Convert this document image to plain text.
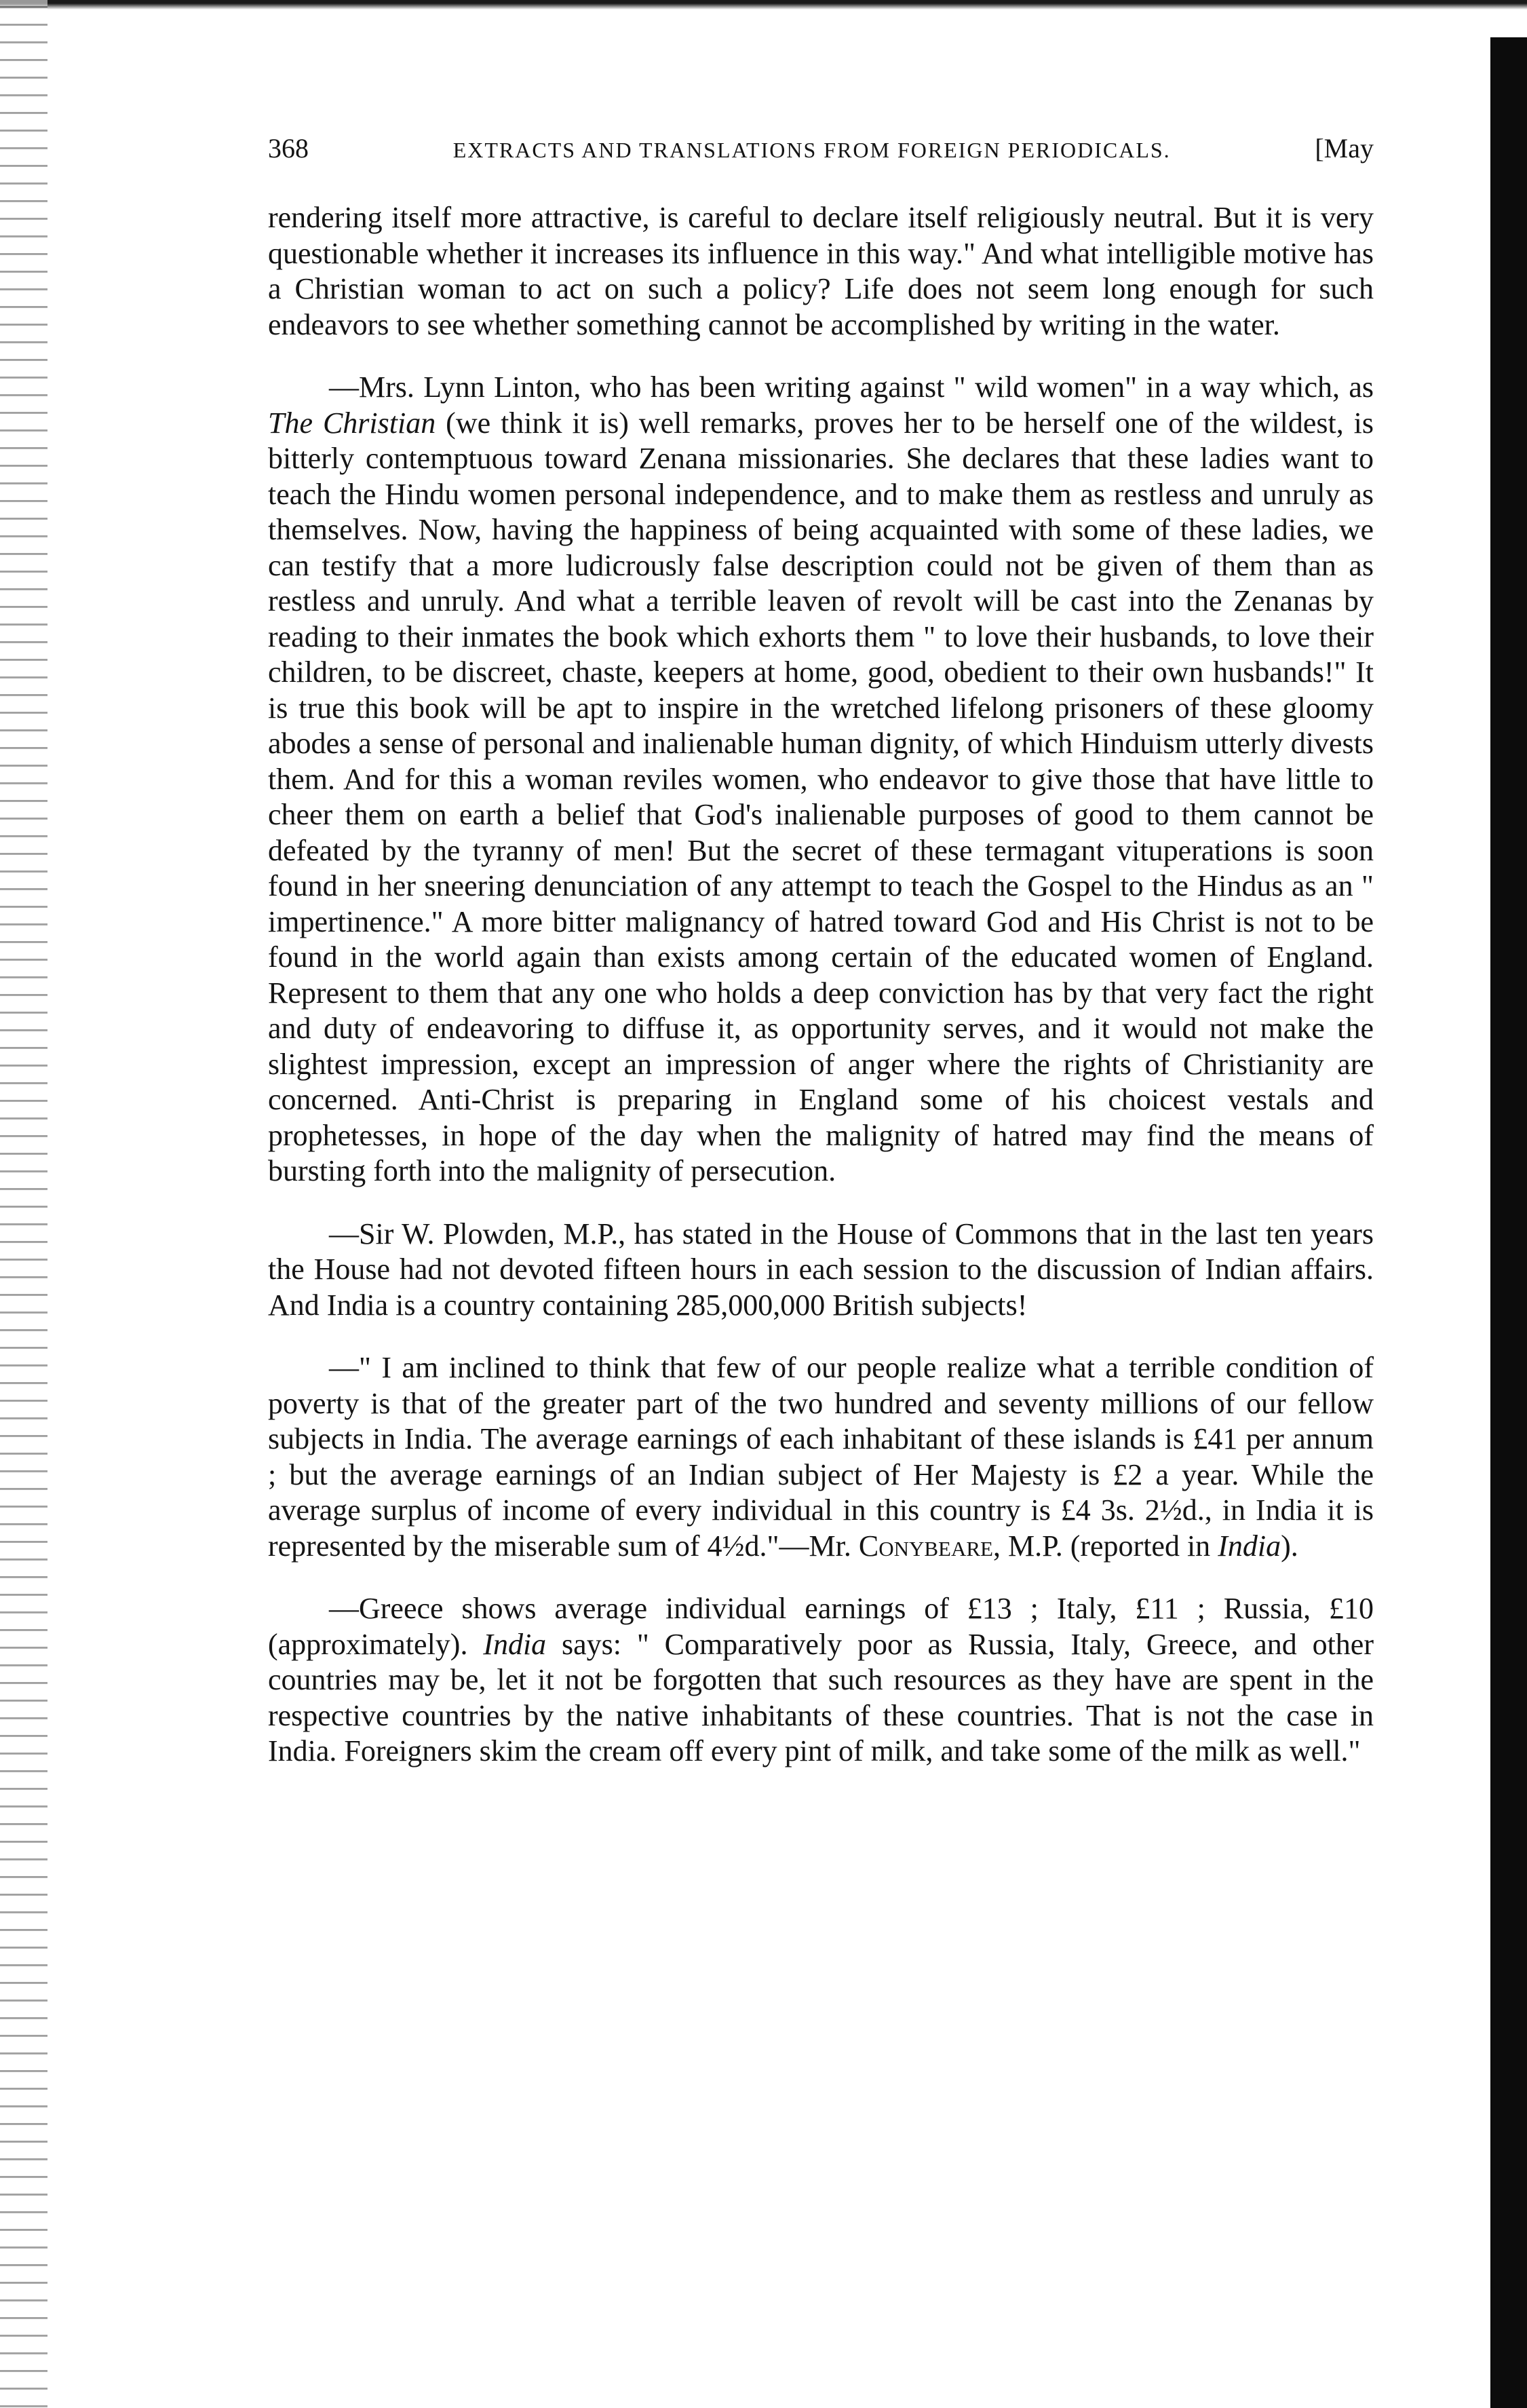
368	EXTRACTS AND TRANSLATIONS FROM FOREIGN PERIODICALS.	[May

rendering itself more attractive, is careful to declare itself religiously neutral. But it is very questionable whether it increases its influence in this way." And what intelligible motive has a Christian woman to act on such a policy? Life does not seem long enough for such endeavors to see whether something cannot be accomplished by writing in the water.

—Mrs. Lynn Linton, who has been writing against " wild women" in a way which, as The Christian (we think it is) well remarks, proves her to be herself one of the wildest, is bitterly contemptuous toward Zenana missionaries. She declares that these ladies want to teach the Hindu women personal independence, and to make them as restless and unruly as themselves. Now, having the happiness of being acquainted with some of these ladies, we can testify that a more ludicrously false description could not be given of them than as restless and unruly. And what a terrible leaven of revolt will be cast into the Zenanas by reading to their inmates the book which exhorts them " to love their husbands, to love their children, to be discreet, chaste, keepers at home, good, obedient to their own husbands!" It is true this book will be apt to inspire in the wretched lifelong prisoners of these gloomy abodes a sense of personal and inalienable human dignity, of which Hinduism utterly divests them. And for this a woman reviles women, who endeavor to give those that have little to cheer them on earth a belief that God's inalienable purposes of good to them cannot be defeated by the tyranny of men! But the secret of these termagant vituperations is soon found in her sneering denunciation of any attempt to teach the Gospel to the Hindus as an " impertinence." A more bitter malignancy of hatred toward God and His Christ is not to be found in the world again than exists among certain of the educated women of England. Represent to them that any one who holds a deep conviction has by that very fact the right and duty of endeavoring to diffuse it, as opportunity serves, and it would not make the slightest impression, except an impression of anger where the rights of Christianity are concerned. Anti-Christ is preparing in England some of his choicest vestals and prophetesses, in hope of the day when the malignity of hatred may find the means of bursting forth into the malignity of persecution.

—Sir W. Plowden, M.P., has stated in the House of Commons that in the last ten years the House had not devoted fifteen hours in each session to the discussion of Indian affairs. And India is a country containing 285,000,000 British subjects!

—" I am inclined to think that few of our people realize what a terrible condition of poverty is that of the greater part of the two hundred and seventy millions of our fellow subjects in India. The average earnings of each inhabitant of these islands is £41 per annum ; but the average earnings of an Indian subject of Her Majesty is £2 a year. While the average surplus of income of every individual in this country is £4 3s. 2½d., in India it is represented by the miserable sum of 4½d."—Mr. Conybeare, M.P. (reported in India).

—Greece shows average individual earnings of £13 ; Italy, £11 ; Russia, £10 (approximately). India says: " Comparatively poor as Russia, Italy, Greece, and other countries may be, let it not be forgotten that such resources as they have are spent in the respective countries by the native inhabitants of these countries. That is not the case in India. Foreigners skim the cream off every pint of milk, and take some of the milk as well."
